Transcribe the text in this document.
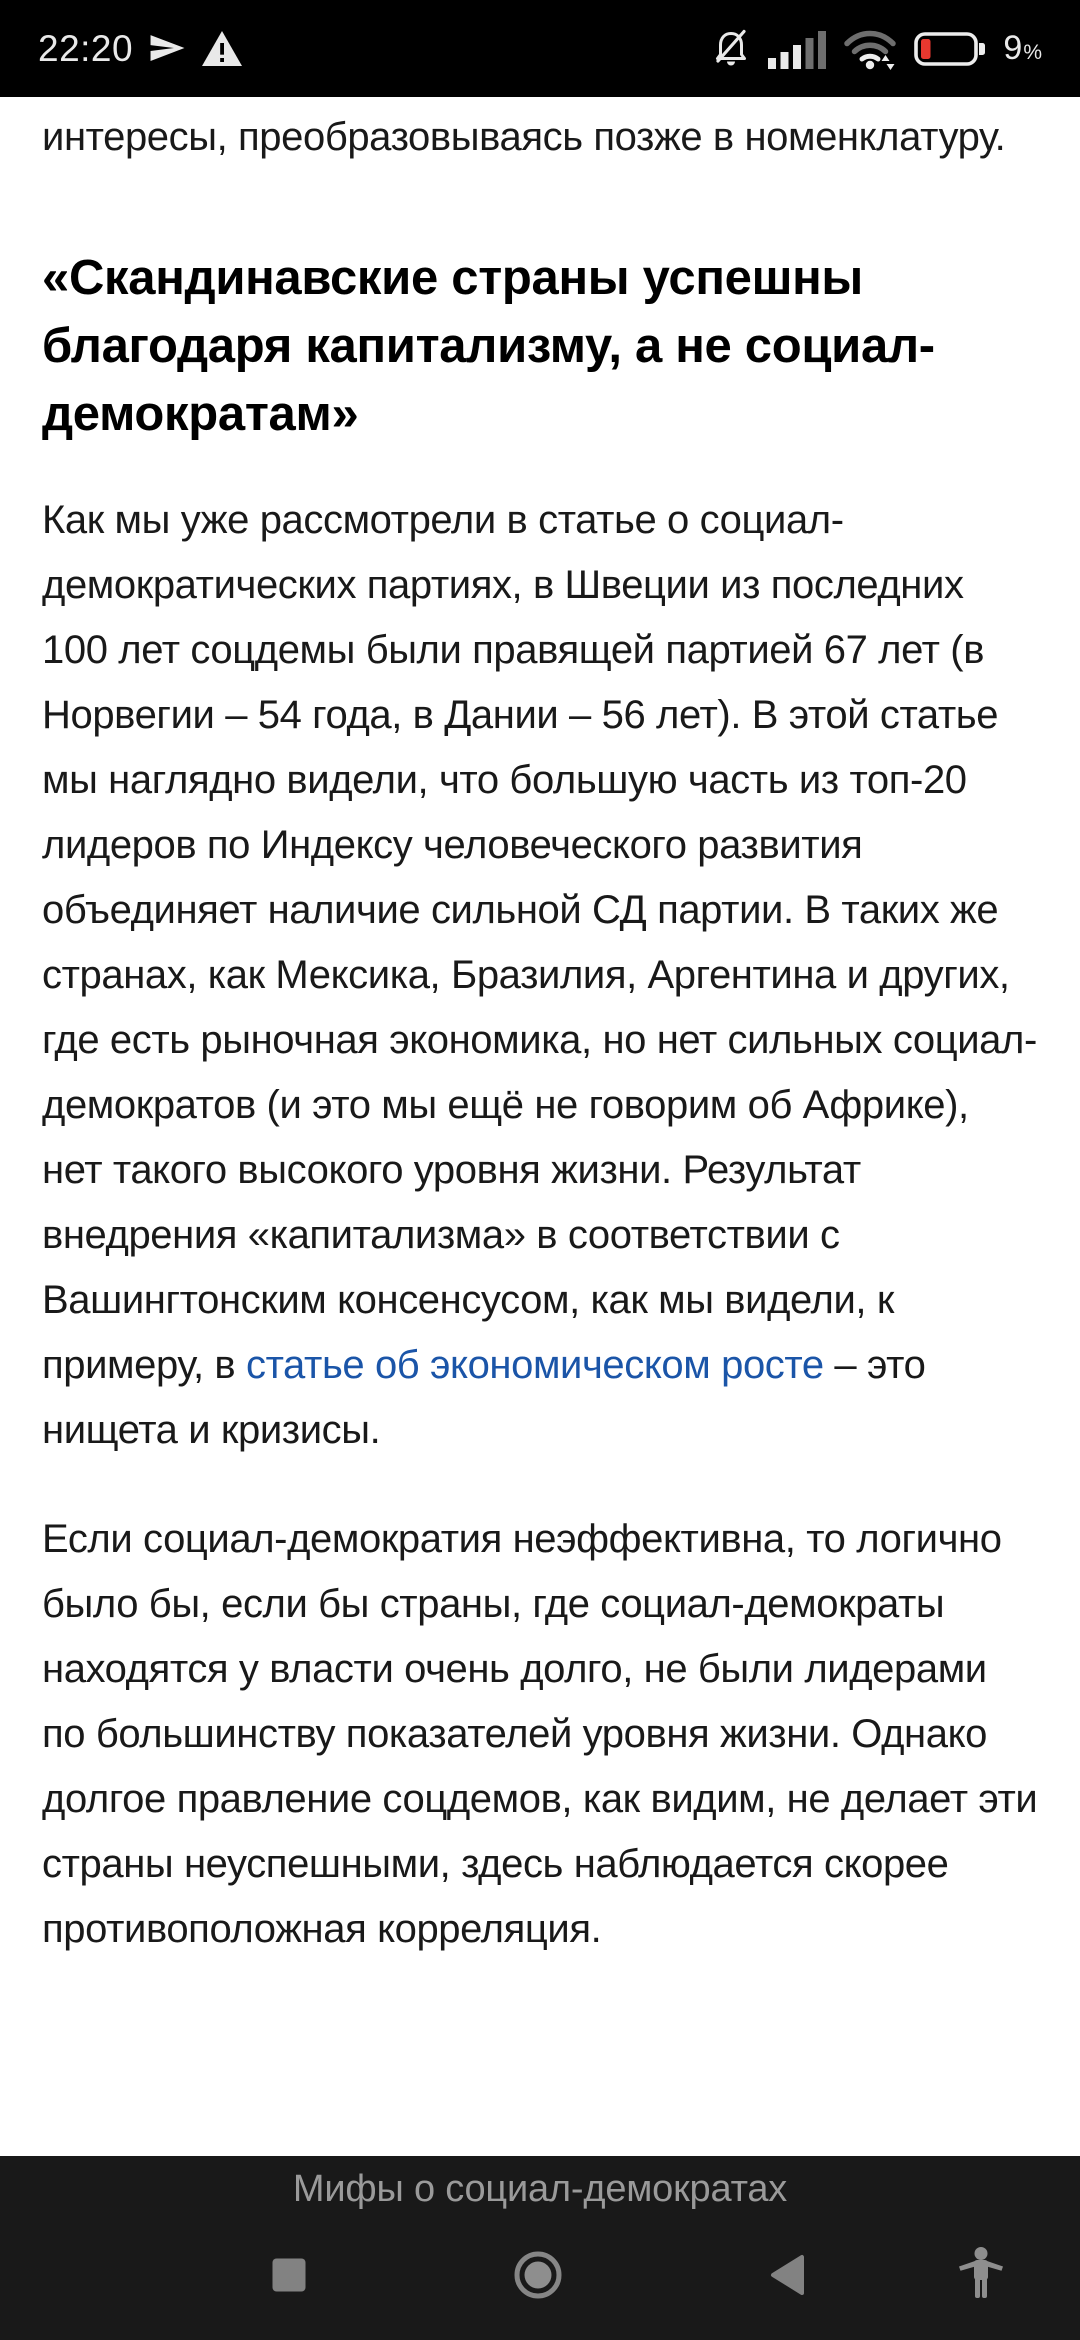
22:20	9 %

интересы, преобразовываясь позже в номенклатуру.

«Скандинавские страны успешны благодаря капитализму, а не социал-демократам»

Как мы уже рассмотрели в статье о социал-демократических партиях, в Швеции из последних 100 лет соцдемы были правящей партией 67 лет (в Норвегии – 54 года, в Дании – 56 лет). В этой статье мы наглядно видели, что большую часть из топ-20 лидеров по Индексу человеческого развития объединяет наличие сильной СД партии. В таких же странах, как Мексика, Бразилия, Аргентина и других, где есть рыночная экономика, но нет сильных социал-демократов (и это мы ещё не говорим об Африке), нет такого высокого уровня жизни. Результат внедрения «капитализма» в соответствии с Вашингтонским консенсусом, как мы видели, к примеру, в статье об экономическом росте – это нищета и кризисы.

Если социал-демократия неэффективна, то логично было бы, если бы страны, где социал-демократы находятся у власти очень долго, не были лидерами по большинству показателей уровня жизни. Однако долгое правление соцдемов, как видим, не делает эти страны неуспешными, здесь наблюдается скорее противоположная корреляция.

Мифы о социал-демократах
